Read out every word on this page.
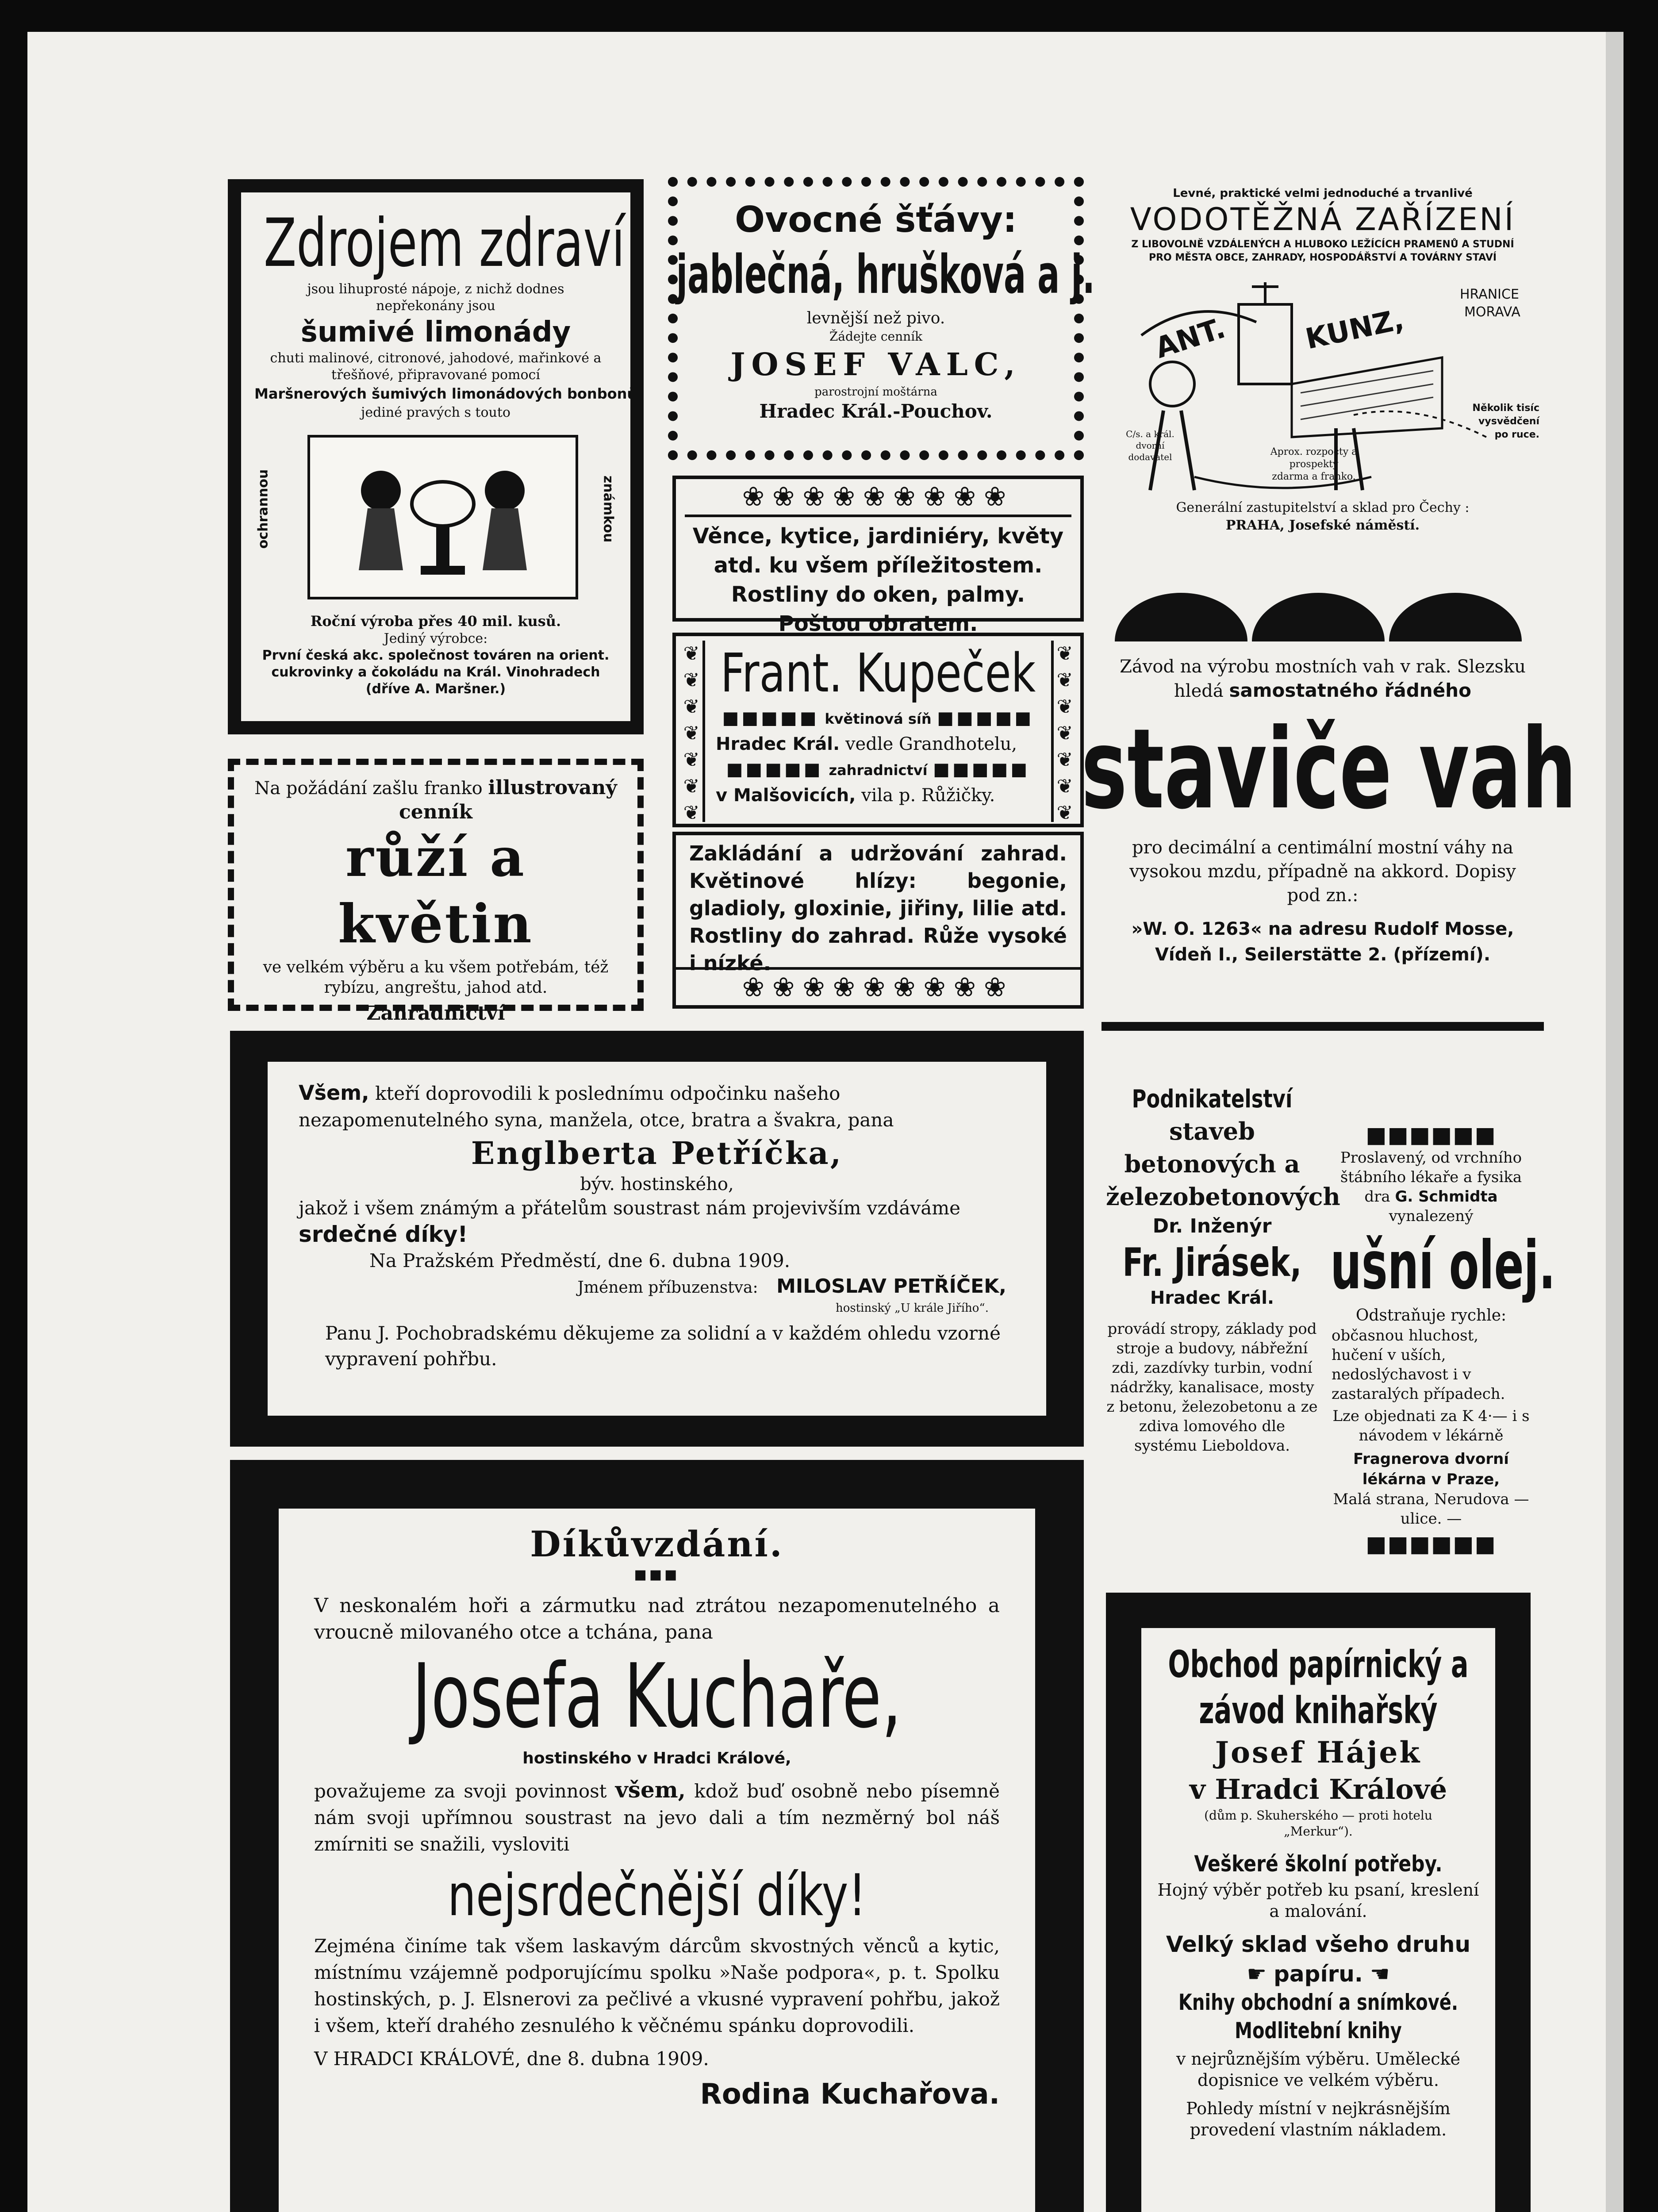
Zdrojem zdraví
jsou lihuprosté nápoje, z nichž dodnes nepřekonány jsou
šumivé limonády
chuti malinové, citronové, jahodové, mařinkové a třešňové, připravované pomocí
Maršnerových šumivých limonádových bonbonů
jediné pravých s touto
ochrannou	známkou
Roční výroba přes 40 mil. kusů.
Jediný výrobce:
První česká akc. společnost továren na orient. cukrovinky a čokoládu na Král. Vinohradech
(dříve A. Maršner.)
Ovocné šťávy:
jablečná, hrušková a j.
levnější než pivo.
Žádejte cenník
JOSEF VALC,
parostrojní moštárna
Hradec Král.-Pouchov.
❀❀❀❀❀❀❀❀❀
Věnce, kytice, jardiniéry, květy atd. ku všem příležitostem. Rostliny do oken, palmy. Poštou obratem.
❦
❦
❦
❦
❦
❦
❦
❦
❦
❦
❦
❦
❦
❦
Frant. Kupeček
■■■■■ květinová síň ■■■■■
Hradec Král. vedle Grandhotelu,
■■■■■ zahradnictví ■■■■■
v Malšovicích, vila p. Růžičky.
Zakládání a udržování zahrad. Květinové hlízy: begonie, gladioly, gloxinie, jiřiny, lilie atd. Rostliny do zahrad. Růže vysoké i nízké.
❀❀❀❀❀❀❀❀❀
Levné, praktické velmi jednoduché a trvanlivé
VODOTĚŽNÁ ZAŘÍZENÍ
Z LIBOVOLNĚ VZDÁLENÝCH A HLUBOKO LEŽÍCÍCH PRAMENŮ A STUDNÍ
PRO MĚSTA OBCE, ZAHRADY, HOSPODÁŘSTVÍ A TOVÁRNY STAVÍ
ANT.	KUNZ,
HRANICE
MORAVA
C/s. a král. dvorní dodavatel	Aprox. rozpočty a prospekty zdarma a franko.
Několik tisíc vysvědčení po ruce.
Generální zastupitelství a sklad pro Čechy :
PRAHA, Josefské náměstí.
Závod na výrobu mostních vah v rak. Slezsku hledá samostatného řádného
staviče vah
pro decimální a centimální mostní váhy na vysokou mzdu, případně na akkord. Dopisy pod zn.:
»W. O. 1263« na adresu Rudolf Mosse, Vídeň I., Seilerstätte 2. (přízemí).
Na požádání zašlu franko illustrovaný cenník
růží a květin
ve velkém výběru a ku všem potřebám, též rybízu, angreštu, jahod atd.
Zahradnictví
Všem, kteří doprovodili k poslednímu odpočinku našeho nezapomenutelného syna, manžela, otce, bratra a švakra, pana
Englberta Petříčka,
býv. hostinského,
jakož i všem známým a přátelům soustrast nám projevivším vzdáváme
srdečné díky!
Na Pražském Předměstí, dne 6. dubna 1909.
Jménem příbuzenstva: MILOSLAV PETŘÍČEK,
hostinský „U krále Jiřího“.
Panu J. Pochobradskému děkujeme za solidní a v každém ohledu vzorné vypravení pohřbu.
Podnikatelství
staveb betonových a železobetonových
Dr. Inženýr
Fr. Jirásek,
Hradec Král.
provádí stropy, základy pod stroje a budovy, nábřežní zdi, zazdívky turbin, vodní nádržky, kanalisace, mosty z betonu, železobetonu a ze zdiva lomového dle systému Lieboldova.
■■■■■■
Proslavený, od vrchního štábního lékaře a fysika dra G. Schmidta vynalezený
ušní olej.
Odstraňuje rychle:
občasnou hluchost, hučení v uších, nedoslýchavost i v zastaralých případech.
Lze objednati za K 4·— i s návodem v lékárně
Fragnerova dvorní lékárna v Praze,
Malá strana, Nerudova — ulice. —
■■■■■■
Díkůvzdání.
■■■
V neskonalém hoři a zármutku nad ztrátou nezapomenutelného a vroucně milovaného otce a tchána, pana
Josefa Kuchaře,
hostinského v Hradci Králové,
považujeme za svoji povinnost všem, kdož buď osobně nebo písemně nám svoji upřímnou soustrast na jevo dali a tím nezměrný bol náš zmírniti se snažili, vysloviti
nejsrdečnější díky!
Zejména činíme tak všem laskavým dárcům skvostných věnců a kytic, místnímu vzájemně podporujícímu spolku »Naše podpora«, p. t. Spolku hostinských, p. J. Elsnerovi za pečlivé a vkusné vypravení pohřbu, jakož i všem, kteří drahého zesnulého k věčnému spánku doprovodili.
V HRADCI KRÁLOVÉ, dne 8. dubna 1909.
Rodina Kuchařova.
Obchod papírnický a závod knihařský
Josef Hájek
v Hradci Králové
(dům p. Skuherského — proti hotelu „Merkur“).
Veškeré školní potřeby.
Hojný výběr potřeb ku psaní, kreslení a malování.
Velký sklad všeho druhu
☛ papíru. ☚
Knihy obchodní a snímkové. Modlitební knihy
v nejrůznějším výběru. Umělecké dopisnice ve velkém výběru.
Pohledy místní v nejkrásnějším provedení vlastním nákladem.
